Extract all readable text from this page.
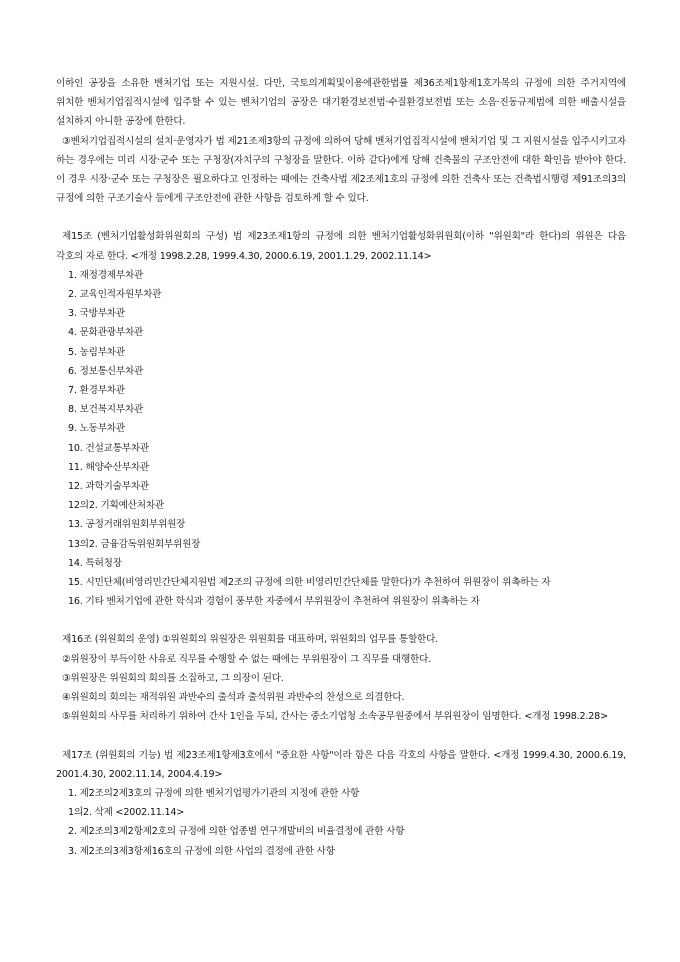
이하인 공장을 소유한 벤처기업 또는 지원시설. 다만, 국토의계획및이용에관한법률 제36조제1항제1호가목의 규정에 의한 주거지역에 위치한 벤처기업집적시설에 입주할 수 있는 벤처기업의 공장은 대기환경보전법·수질환경보전법 또는 소음·진동규제법에 의한 배출시설을 설치하지 아니한 공장에 한한다.

③벤처기업집적시설의 설치·운영자가 법 제21조제3항의 규정에 의하여 당해 벤처기업집적시설에 벤처기업 및 그 지원시설을 입주시키고자 하는 경우에는 미리 시장·군수 또는 구청장(자치구의 구청장을 말한다. 이하 같다)에게 당해 건축물의 구조안전에 대한 확인을 받아야 한다. 이 경우 시장·군수 또는 구청장은 필요하다고 인정하는 때에는 건축사법 제2조제1호의 규정에 의한 건축사 또는 건축법시행령 제91조의3의 규정에 의한 구조기술사 등에게 구조안전에 관한 사항을 검토하게 할 수 있다.

제15조 (벤처기업활성화위원회의 구성) 법 제23조제1항의 규정에 의한 벤처기업활성화위원회(이하 "위원회"라 한다)의 위원은 다음 각호의 자로 한다. <개정 1998.2.28, 1999.4.30, 2000.6.19, 2001.1.29, 2002.11.14>

1. 재정경제부차관

2. 교육인적자원부차관

3. 국방부차관

4. 문화관광부차관

5. 농림부차관

6. 정보통신부차관

7. 환경부차관

8. 보건복지부차관

9. 노동부차관

10. 건설교통부차관

11. 해양수산부차관

12. 과학기술부차관

12의2. 기획예산처차관

13. 공정거래위원회부위원장

13의2. 금융감독위원회부위원장

14. 특허청장

15. 시민단체(비영리민간단체지원법 제2조의 규정에 의한 비영리민간단체를 말한다)가 추천하여 위원장이 위촉하는 자

16. 기타 벤처기업에 관한 학식과 경험이 풍부한 자중에서 부위원장이 추천하여 위원장이 위촉하는 자

제16조 (위원회의 운영) ①위원회의 위원장은 위원회를 대표하며, 위원회의 업무를 통할한다.

②위원장이 부득이한 사유로 직무를 수행할 수 없는 때에는 부위원장이 그 직무를 대행한다.

③위원장은 위원회의 회의를 소집하고, 그 의장이 된다.

④위원회의 회의는 재적위원 과반수의 출석과 출석위원 과반수의 찬성으로 의결한다.

⑤위원회의 사무를 처리하기 위하여 간사 1인을 두되, 간사는 중소기업청 소속공무원중에서 부위원장이 임명한다. <개정 1998.2.28>

제17조 (위원회의 기능) 법 제23조제1항제3호에서 "중요한 사항"이라 함은 다음 각호의 사항을 말한다. <개정 1999.4.30, 2000.6.19, 2001.4.30, 2002.11.14, 2004.4.19>

1. 제2조의2제3호의 규정에 의한 벤처기업평가기관의 지정에 관한 사항

1의2. 삭제 <2002.11.14>

2. 제2조의3제2항제2호의 규정에 의한 업종별 연구개발비의 비율결정에 관한 사항

3. 제2조의3제3항제16호의 규정에 의한 사업의 결정에 관한 사항
